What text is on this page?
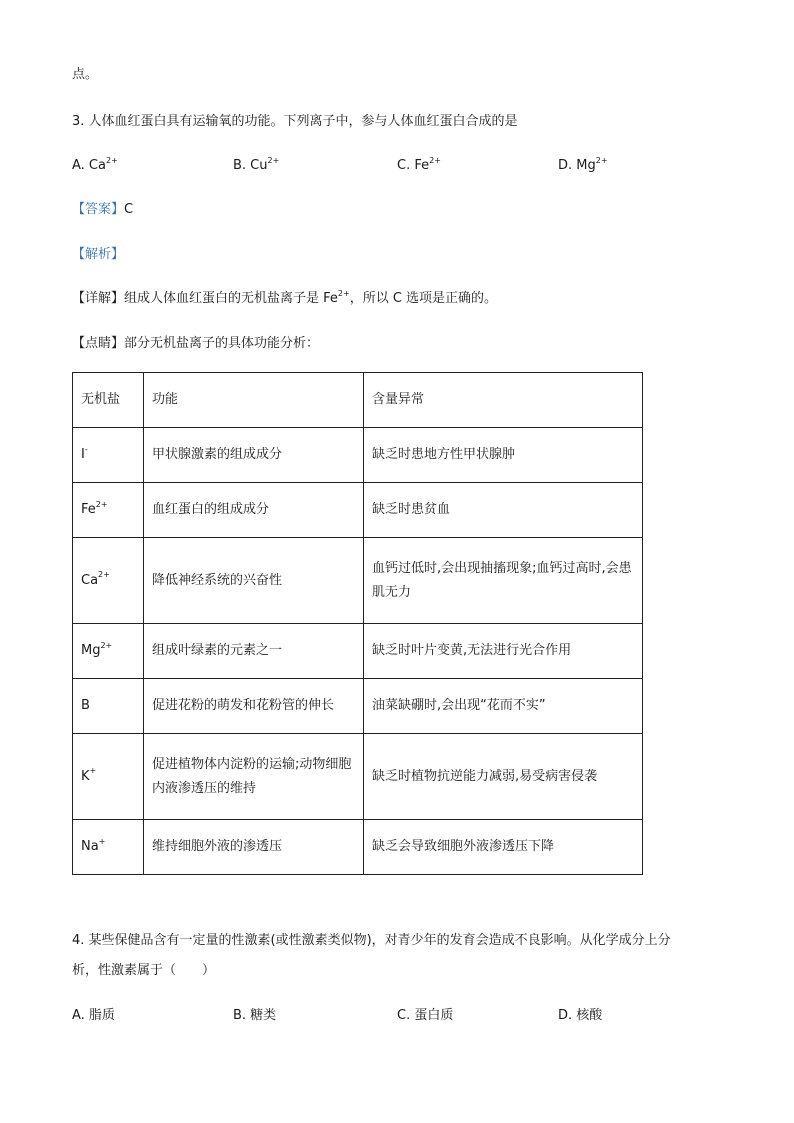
点。
3. 人体血红蛋白具有运输氧的功能。下列离子中，参与人体血红蛋白合成的是
A. $Ca^{2+}$	B. $Cu^{2+}$	C. $Fe^{2+}$	D. $Mg^{2+}$
【答案】C
【解析】
【详解】组成人体血红蛋白的无机盐离子是 $Fe^{2+}$，所以 C 选项是正确的。
【点睛】部分无机盐离子的具体功能分析：
无机盐	功能	含量异常
I-	甲状腺激素的组成成分	缺乏时患地方性甲状腺肿
$Fe^{2+}$	血红蛋白的组成成分	缺乏时患贫血
$Ca^{2+}$	降低神经系统的兴奋性	血钙过低时,会出现抽搐现象;血钙过高时,会患肌无力
$Mg^{2+}$	组成叶绿素的元素之一	缺乏时叶片变黄,无法进行光合作用
B	促进花粉的萌发和花粉管的伸长	油菜缺硼时,会出现“花而不实”
K+	促进植物体内淀粉的运输;动物细胞内液渗透压的维持	缺乏时植物抗逆能力减弱,易受病害侵袭
Na+	维持细胞外液的渗透压	缺乏会导致细胞外液渗透压下降
4. 某些保健品含有一定量的性激素(或性激素类似物)，对青少年的发育会造成不良影响。从化学成分上分
析，性激素属于（　　）
A. 脂质	B. 糖类	C. 蛋白质	D. 核酸
